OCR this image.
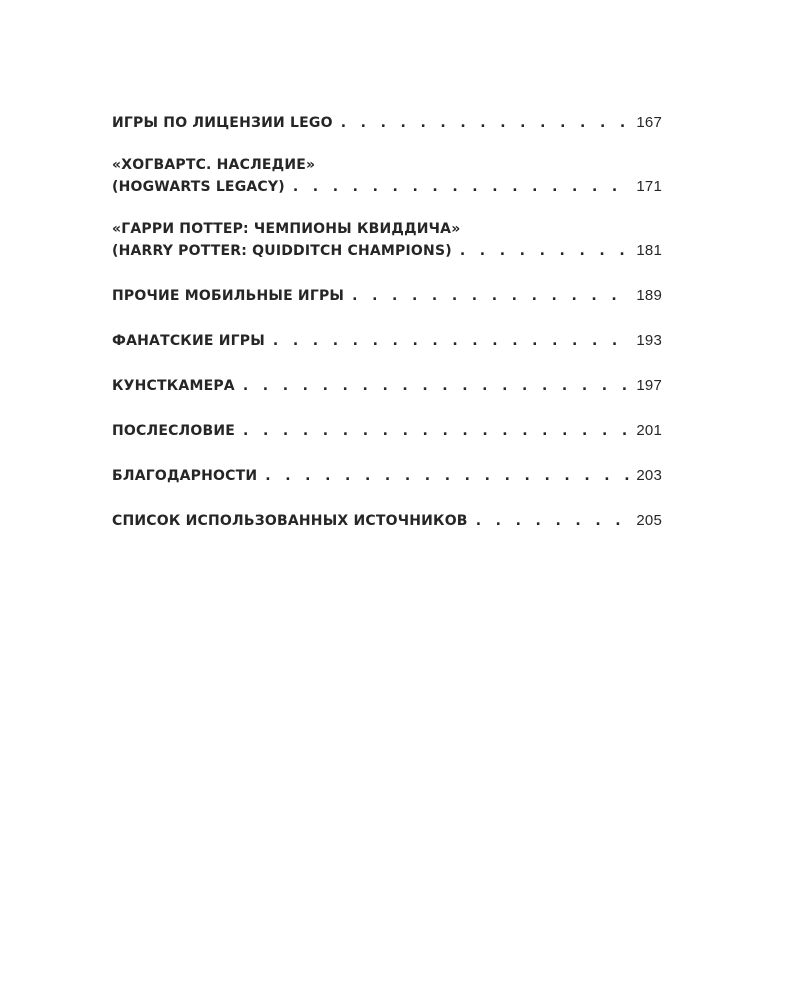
ИГРЫ ПО ЛИЦЕНЗИИ LEGO . .	167
«ХОГВАРТС. НАСЛЕДИЕ»
(HOGWARTS LEGACY) . .	171
«ГАРРИ ПОТТЕР: ЧЕМПИОНЫ КВИДДИЧА»
(HARRY POTTER: QUIDDITCH CHAMPIONS) . .	181
ПРОЧИЕ МОБИЛЬНЫЕ ИГРЫ . .	189
ФАНАТСКИЕ ИГРЫ . .	193
КУНСТКАМЕРА . .	197
ПОСЛЕСЛОВИЕ . .	201
БЛАГОДАРНОСТИ . .	203
СПИСОК ИСПОЛЬЗОВАННЫХ ИСТОЧНИКОВ . .	205
